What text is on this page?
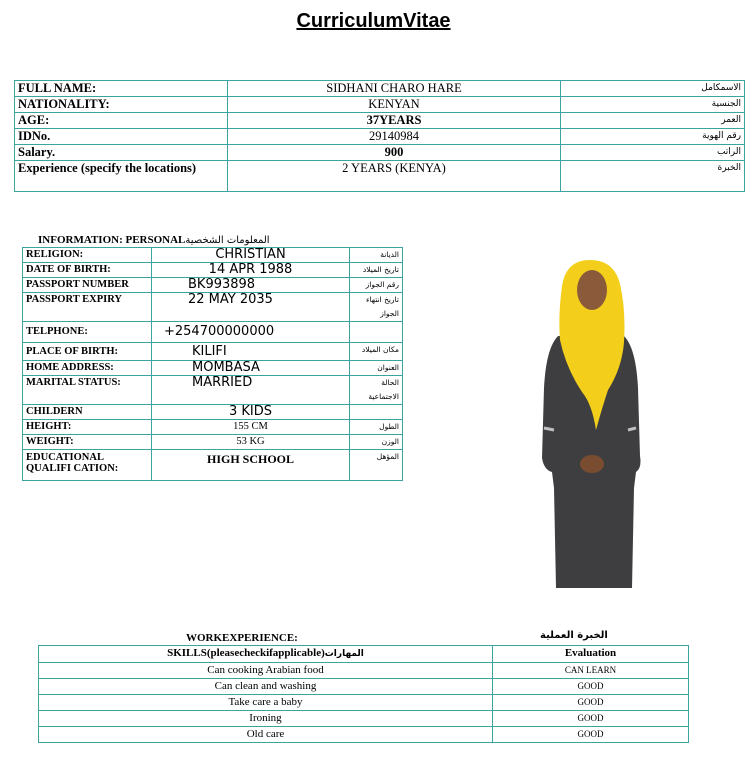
CurriculumVitae
FULL NAME:	SIDHANI CHARO HARE	الاسمكامل
NATIONALITY:	KENYAN	الجنسية
AGE:	37YEARS	العمر
IDNo.	29140984	رقم الهوية
Salary.	900	الراتب
Experience (specify the locations)	2 YEARS (KENYA)	الخبرة
INFORMATION: PERSONALالمعلومات الشخصية
RELIGION:	CHRISTIAN	الديانة
DATE OF BIRTH:	14 APR 1988	تاريخ الميلاد
PASSPORT NUMBER	BK993898	رقم الجواز
PASSPORT EXPIRY	22 MAY 2035	تاريخ انتهاء الجواز
TELPHONE:	+254700000000	
PLACE OF BIRTH:	KILIFI	مكان الميلاد
HOME ADDRESS:	MOMBASA	العنوان
MARITAL STATUS:	MARRIED	الحالة الاجتماعية
CHILDERN	3 KIDS	
HEIGHT:	155 CM	الطول
WEIGHT:	53 KG	الوزن
EDUCATIONAL QUALIFI CATION:	HIGH SCHOOL	المؤهل
WORKEXPERIENCE:	الخبرة العملية
SKILLS(pleasecheckifapplicable)المهارات	Evaluation
Can cooking Arabian food	CAN LEARN
Can clean and washing	GOOD
Take care a baby	GOOD
Ironing	GOOD
Old care	GOOD
